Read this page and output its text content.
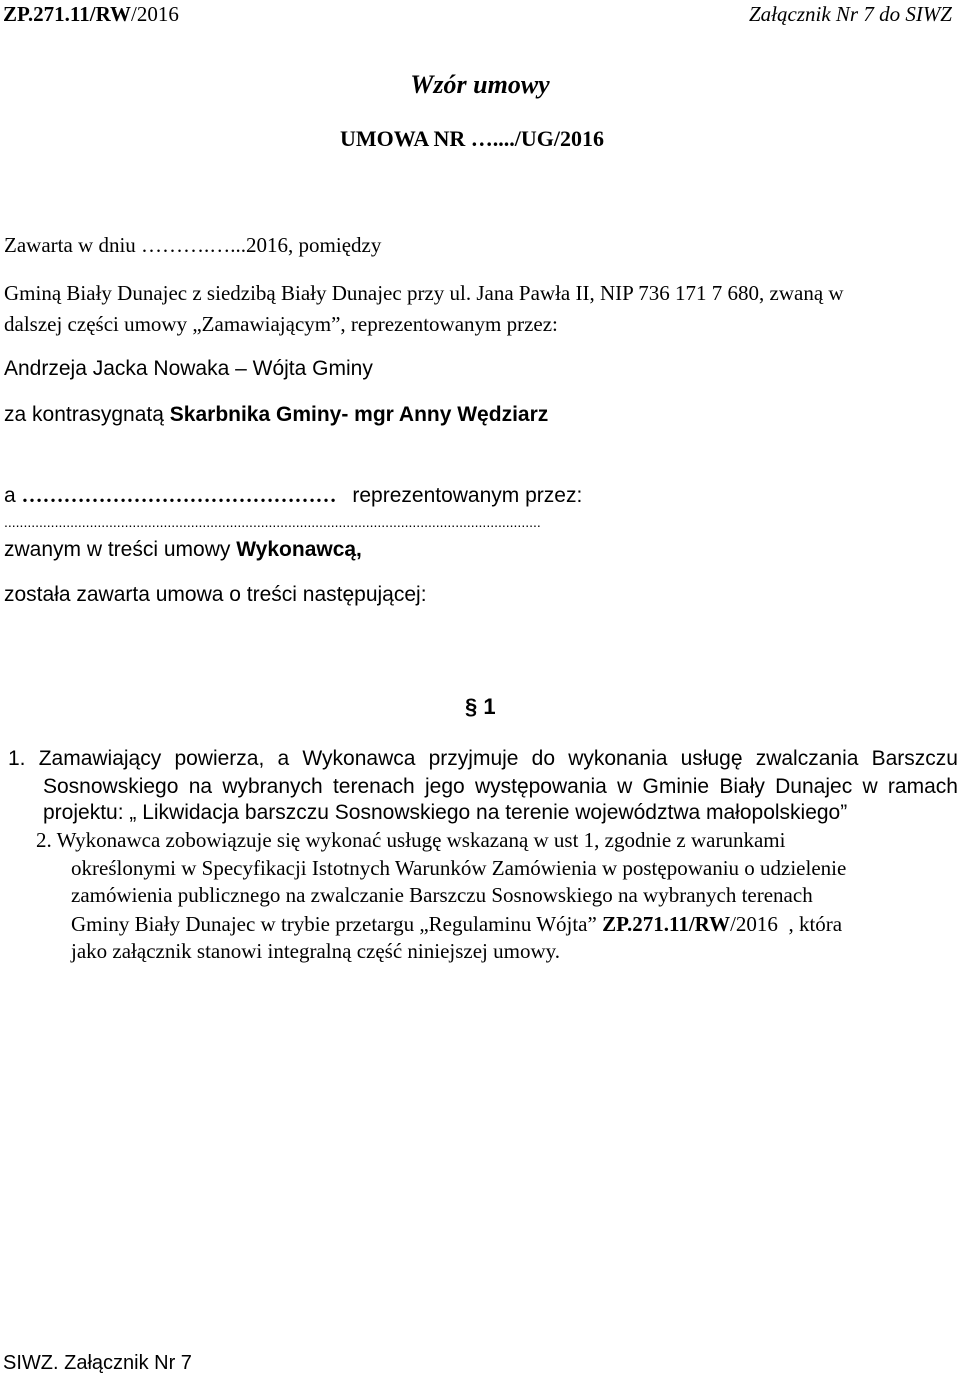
ZP.271.11/RW/2016	Załącznik Nr 7 do SIWZ
Wzór umowy
UMOWA NR …..../UG/2016
Zawarta w dniu ……….…...2016, pomiędzy
Gminą Biały Dunajec z siedzibą Biały Dunajec przy ul. Jana Pawła II, NIP 736 171 7 680, zwaną w
dalszej części umowy „Zamawiającym”, reprezentowanym przez:
Andrzeja Jacka Nowaka – Wójta Gminy
za kontrasygnatą Skarbnika Gminy- mgr Anny Wędziarz
a ……………………………………… reprezentowanym przez:
..........................................................................................................................................
zwanym w treści umowy Wykonawcą,
została zawarta umowa o treści następującej:
§ 1
1. Zamawiający powierza, a Wykonawca przyjmuje do wykonania usługę zwalczania Barszczu
Sosnowskiego na wybranych terenach jego występowania w Gminie Biały Dunajec w ramach
projektu: „ Likwidacja barszczu Sosnowskiego na terenie województwa małopolskiego”
2. Wykonawca zobowiązuje się wykonać usługę wskazaną w ust 1, zgodnie z warunkami
określonymi w Specyfikacji Istotnych Warunków Zamówienia w postępowaniu o udzielenie
zamówienia publicznego na zwalczanie Barszczu Sosnowskiego na wybranych terenach
Gminy Biały Dunajec w trybie przetargu „Regulaminu Wójta” ZP.271.11/RW/2016  , która
jako załącznik stanowi integralną część niniejszej umowy.
SIWZ. Załącznik Nr 7
